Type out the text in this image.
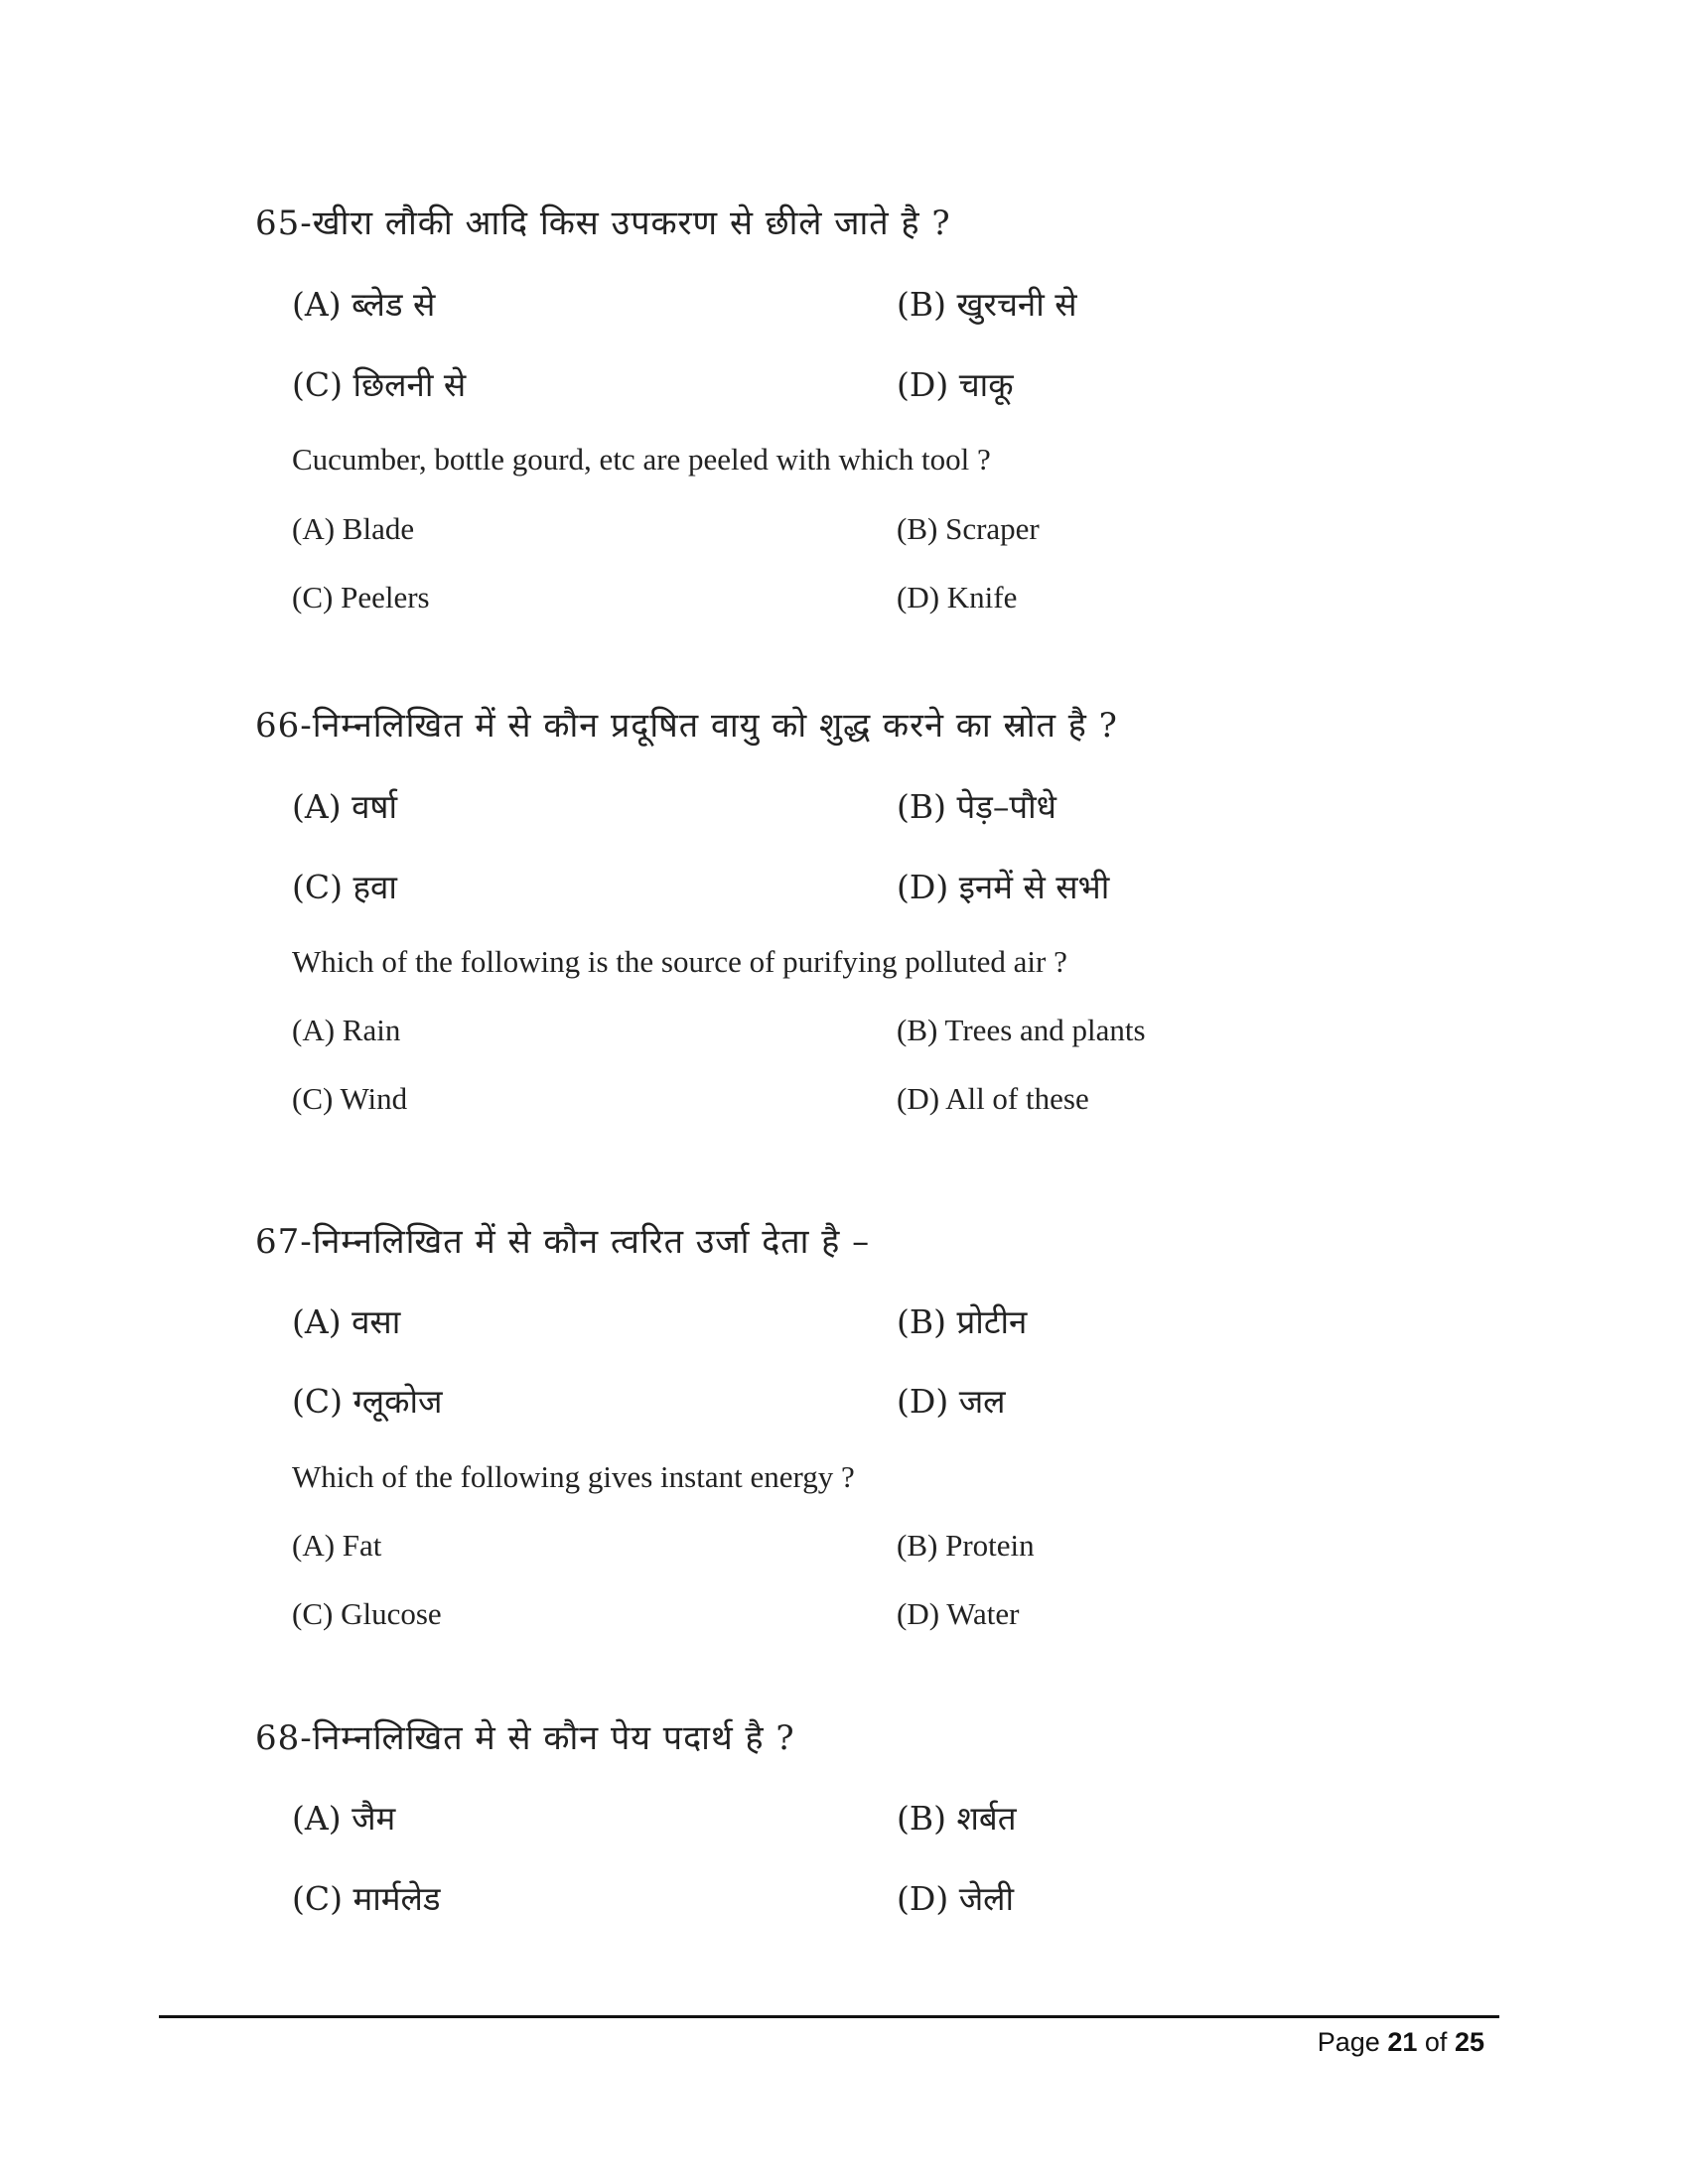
65-खीरा लौकी आदि किस उपकरण से छीले जाते है ?
(A) ब्लेड से	(B) खुरचनी से
(C) छिलनी से	(D) चाकू
Cucumber, bottle gourd, etc are peeled with which tool ?
(A) Blade	(B) Scraper
(C) Peelers	(D) Knife
66-निम्नलिखित में से कौन प्रदूषित वायु को शुद्ध करने का स्रोत है ?
(A) वर्षा	(B) पेड़–पौधे
(C) हवा	(D) इनमें से सभी
Which of the following is the source of purifying polluted air ?
(A) Rain	(B) Trees and plants
(C) Wind	(D) All of these
67-निम्नलिखित में से कौन त्वरित उर्जा देता है –
(A) वसा	(B) प्रोटीन
(C) ग्लूकोज	(D) जल
Which of the following gives instant energy ?
(A) Fat	(B) Protein
(C) Glucose	(D) Water
68-निम्नलिखित मे से कौन पेय पदार्थ है ?
(A) जैम	(B) शर्बत
(C) मार्मलेड	(D) जेली
Page 21 of 25
